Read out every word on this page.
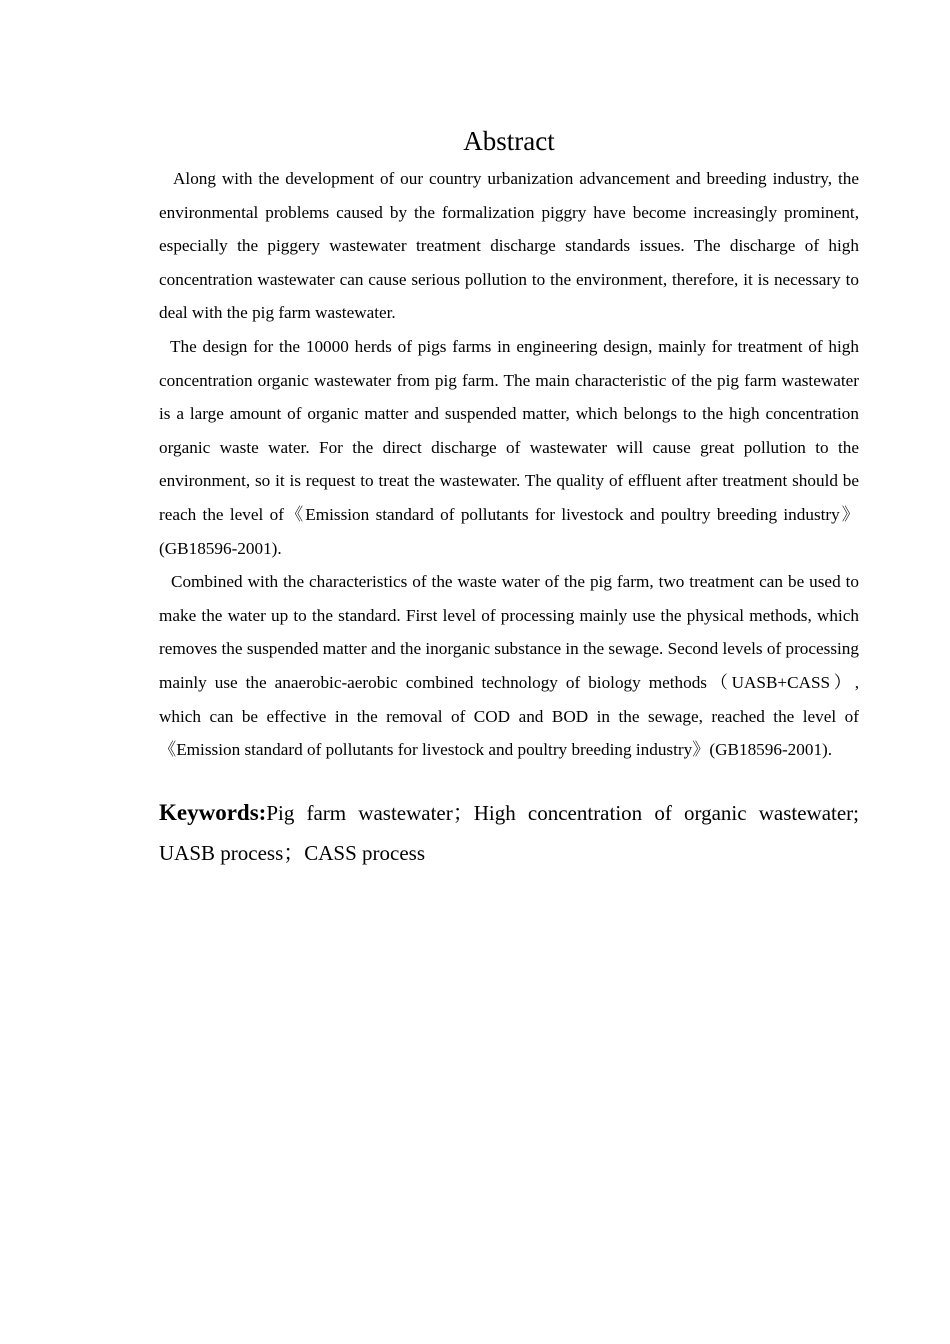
Abstract

Along with the development of our country urbanization advancement and breeding industry, the environmental problems caused by the formalization piggry have become increasingly prominent, especially the piggery wastewater treatment discharge standards issues. The discharge of high concentration wastewater can cause serious pollution to the environment, therefore, it is necessary to deal with the pig farm wastewater.

The design for the 10000 herds of pigs farms in engineering design, mainly for treatment of high concentration organic wastewater from pig farm. The main characteristic of the pig farm wastewater is a large amount of organic matter and suspended matter, which belongs to the high concentration organic waste water. For the direct discharge of wastewater will cause great pollution to the environment, so it is request to treat the wastewater. The quality of effluent after treatment should be reach the level of《Emission standard of pollutants for livestock and poultry breeding industry》(GB18596-2001).

Combined with the characteristics of the waste water of the pig farm, two treatment can be used to make the water up to the standard. First level of processing mainly use the physical methods, which removes the suspended matter and the inorganic substance in the sewage. Second levels of processing mainly use the anaerobic-aerobic combined technology of biology methods（UASB+CASS）, which can be effective in the removal of COD and BOD in the sewage, reached the level of《Emission standard of pollutants for livestock and poultry breeding industry》(GB18596-2001).

Keywords:Pig farm wastewater；High concentration of organic wastewater; UASB process；CASS process
